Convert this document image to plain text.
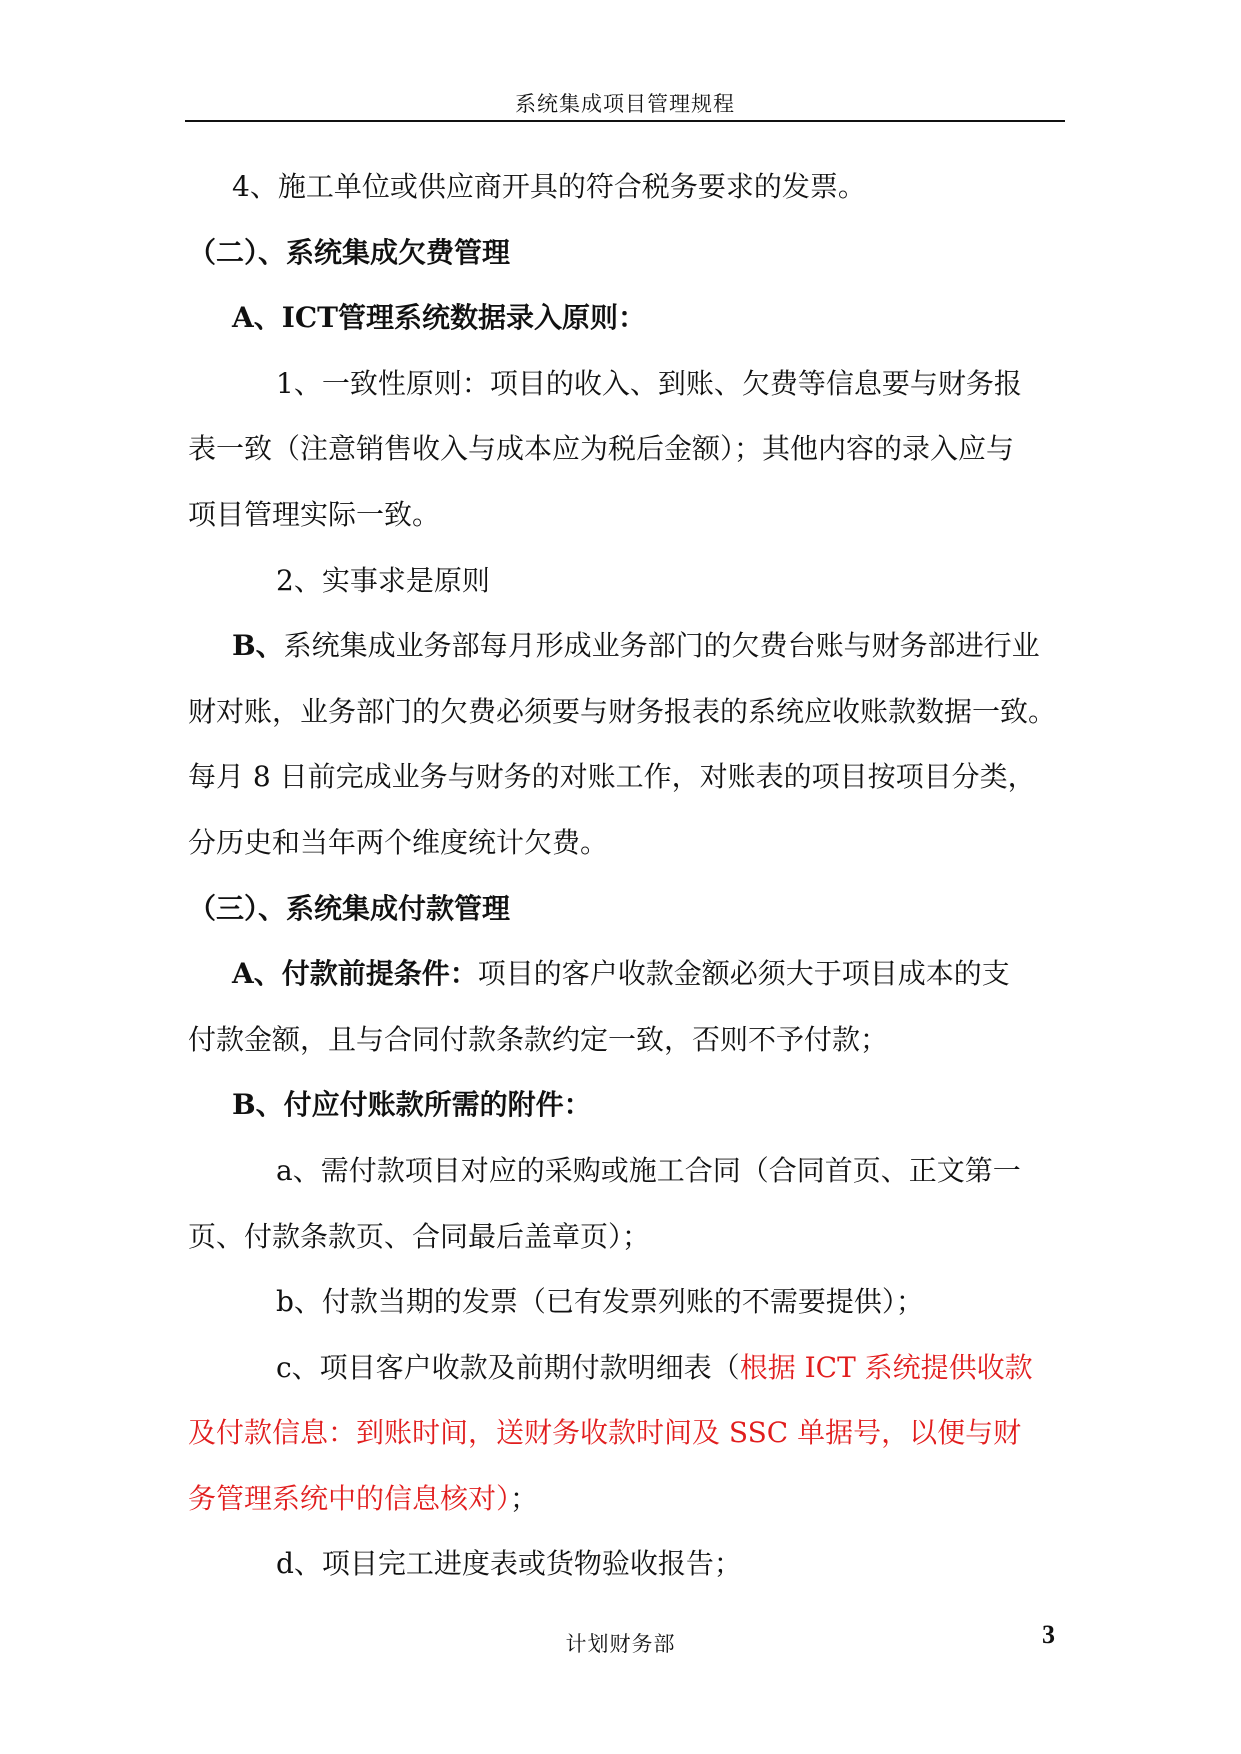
系统集成项目管理规程
4、施工单位或供应商开具的符合税务要求的发票。
（二）、系统集成欠费管理
A、ICT管理系统数据录入原则：
1、一致性原则：项目的收入、到账、欠费等信息要与财务报
表一致（注意销售收入与成本应为税后金额）；其他内容的录入应与
项目管理实际一致。
2、实事求是原则
B、系统集成业务部每月形成业务部门的欠费台账与财务部进行业
财对账，业务部门的欠费必须要与财务报表的系统应收账款数据一致。
每月 8 日前完成业务与财务的对账工作，对账表的项目按项目分类，
分历史和当年两个维度统计欠费。
（三）、系统集成付款管理
A、付款前提条件：项目的客户收款金额必须大于项目成本的支
付款金额，且与合同付款条款约定一致，否则不予付款；
B、付应付账款所需的附件：
a、需付款项目对应的采购或施工合同（合同首页、正文第一
页、付款条款页、合同最后盖章页）；
b、付款当期的发票（已有发票列账的不需要提供）；
c、项目客户收款及前期付款明细表（根据 ICT 系统提供收款
及付款信息：到账时间，送财务收款时间及 SSC 单据号，以便与财
务管理系统中的信息核对）；
d、项目完工进度表或货物验收报告；
计划财务部	3
